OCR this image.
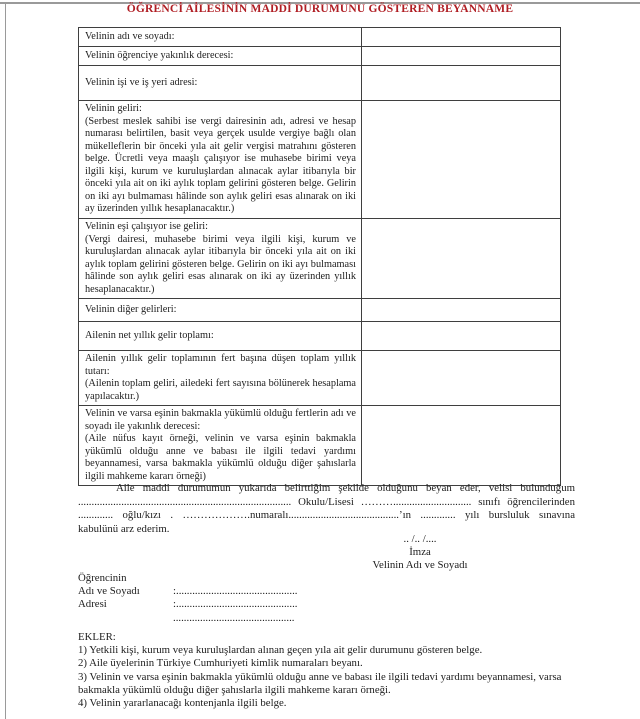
ÖĞRENCİ AİLESİNİN MADDİ DURUMUNU GÖSTEREN BEYANNAME
Velinin adı ve soyadı:	

Velinin öğrenciye yakınlık derecesi:	

Velinin işi ve iş yeri adresi:	

Velinin geliri:
(Serbest meslek sahibi ise vergi dairesinin adı, adresi ve hesap numarası belirtilen, basit veya gerçek usulde vergiye bağlı olan mükelleflerin bir önceki yıla ait gelir vergisi matrahını gösteren belge. Ücretli veya maaşlı çalışıyor ise muhasebe birimi veya ilgili kişi, kurum ve kuruluşlardan alınacak aylar itibarıyla bir önceki yıla ait on iki aylık toplam gelirini gösteren belge. Gelirin on iki ayı bulmaması hâlinde son aylık geliri esas alınarak on iki ay üzerinden yıllık hesaplanacaktır.)	

Velinin eşi çalışıyor ise geliri:
(Vergi dairesi, muhasebe birimi veya ilgili kişi, kurum ve kuruluşlardan alınacak aylar itibarıyla bir önceki yıla ait on iki aylık toplam gelirini gösteren belge. Gelirin on iki ayı bulmaması hâlinde son aylık geliri esas alınarak on iki ay üzerinden yıllık hesaplanacaktır.)	

Velinin diğer gelirleri:	

Ailenin net yıllık gelir toplamı:	

Ailenin yıllık gelir toplamının fert başına düşen toplam yıllık tutarı:
(Ailenin toplam geliri, ailedeki fert sayısına bölünerek hesaplama yapılacaktır.)	

Velinin ve varsa eşinin bakmakla yükümlü olduğu fertlerin adı ve soyadı ile yakınlık derecesi:
(Aile nüfus kayıt örneği, velinin ve varsa eşinin bakmakla yükümlü olduğu anne ve babası ile ilgili tedavi yardımı beyannamesi, varsa bakmakla yükümlü olduğu diğer şahıslarla ilgili mahkeme kararı örneği)	

Aile maddi durumumun yukarıda belirttiğim şekilde olduğunu beyan eder, velisi bulunduğum
............................................................................... Okulu/Lisesi ………............................. sınıfı öğrencilerinden
............. oğlu/kızı . ……………….numaralı.........................................’ın ............. yılı bursluluk sınavına
kabulünü arz ederim.
.. /.. /....
İmza
Velinin Adı ve Soyadı
Öğrencinin
Adı ve Soyadı	:.............................................
Adresi	:.............................................
.............................................
EKLER:
1) Yetkili kişi, kurum veya kuruluşlardan alınan geçen yıla ait gelir durumunu gösteren belge.
2) Aile üyelerinin Türkiye Cumhuriyeti kimlik numaraları beyanı.
3) Velinin ve varsa eşinin bakmakla yükümlü olduğu anne ve babası ile ilgili tedavi yardımı beyannamesi, varsa bakmakla yükümlü olduğu diğer şahıslarla ilgili mahkeme kararı örneği.
4) Velinin yararlanacağı kontenjanla ilgili belge.
